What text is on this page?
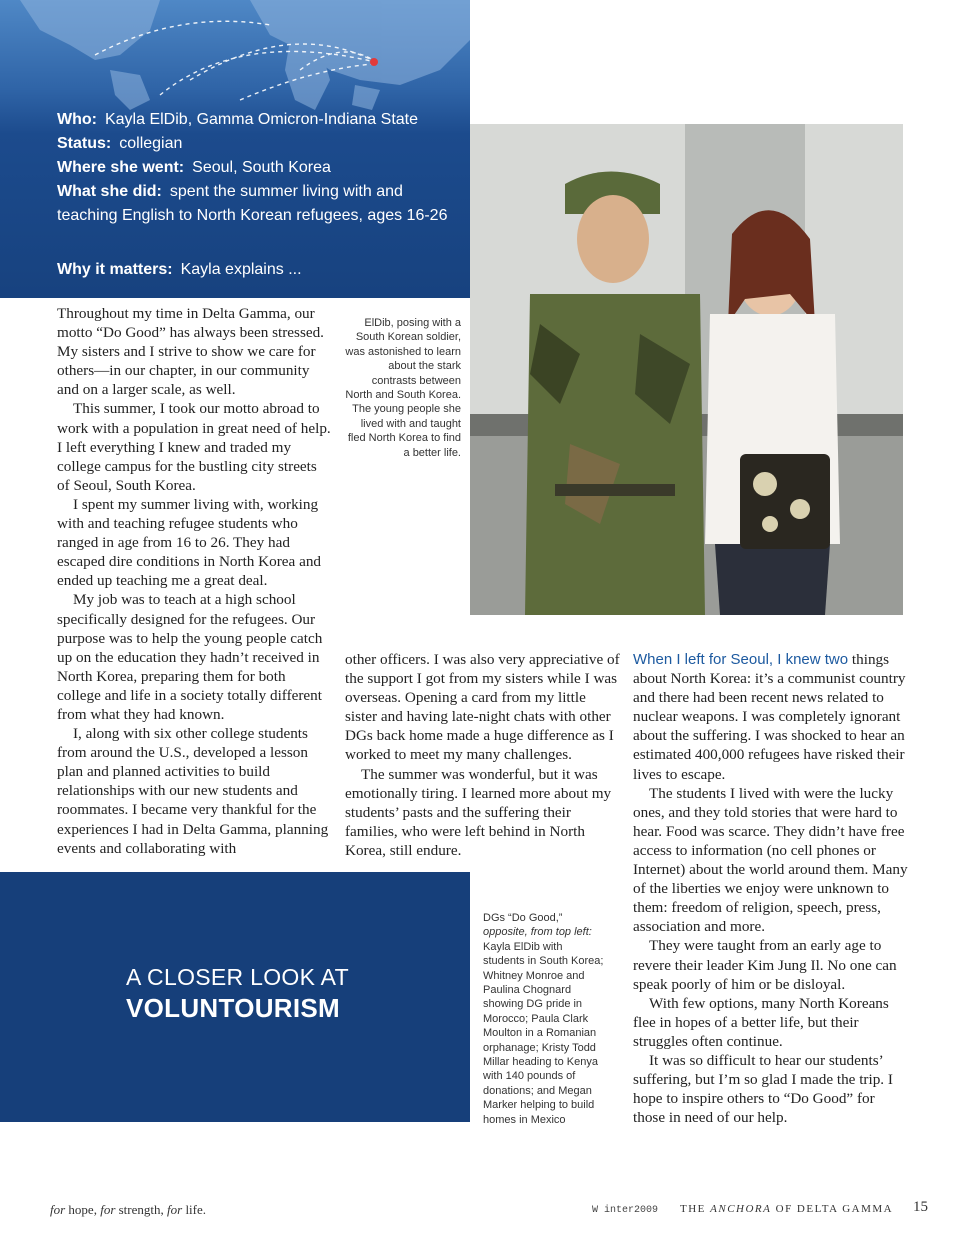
Who: Kayla ElDib, Gamma Omicron-Indiana State
Status: collegian
Where she went: Seoul, South Korea
What she did: spent the summer living with and teaching English to North Korean refugees, ages 16-26
Why it matters: Kayla explains ...
ElDib, posing with a South Korean soldier, was astonished to learn about the stark contrasts between North and South Korea. The young people she lived with and taught fled North Korea to find a better life.

Throughout my time in Delta Gamma, our motto “Do Good” has always been stressed. My sisters and I strive to show we care for others—in our chapter, in our community and on a larger scale, as well.

This summer, I took our motto abroad to work with a population in great need of help. I left everything I knew and traded my college campus for the bustling city streets of Seoul, South Korea.

I spent my summer living with, working with and teaching refugee students who ranged in age from 16 to 26. They had escaped dire conditions in North Korea and ended up teaching me a great deal.

My job was to teach at a high school specifically designed for the refugees. Our purpose was to help the young people catch up on the education they hadn’t received in North Korea, preparing them for both college and life in a society totally different from what they had known.

I, along with six other college students from around the U.S., developed a lesson plan and planned activities to build relationships with our new students and roommates. I became very thankful for the experiences I had in Delta Gamma, planning events and collaborating with

other officers. I was also very appreciative of the support I got from my sisters while I was overseas. Opening a card from my little sister and having late-night chats with other DGs back home made a huge difference as I worked to meet my many challenges.

The summer was wonderful, but it was emotionally tiring. I learned more about my students’ pasts and the suffering their families, who were left behind in North Korea, still endure.

When I left for Seoul, I knew two things about North Korea: it’s a communist country and there had been recent news related to nuclear weapons. I was completely ignorant about the suffering. I was shocked to hear an estimated 400,000 refugees have risked their lives to escape.

The students I lived with were the lucky ones, and they told stories that were hard to hear. Food was scarce. They didn’t have free access to information (no cell phones or Internet) about the world around them. Many of the liberties we enjoy were unknown to them: freedom of religion, speech, press, association and more.

They were taught from an early age to revere their leader Kim Jung Il. No one can speak poorly of him or be disloyal.

With few options, many North Koreans flee in hopes of a better life, but their struggles often continue.

It was so difficult to hear our students’ suffering, but I’m so glad I made the trip. I hope to inspire others to “Do Good” for those in need of our help.

A CLOSER LOOK AT
VOLUNTOURISM
DGs “Do Good,” opposite, from top left: Kayla ElDib with students in South Korea; Whitney Monroe and Paulina Chognard showing DG pride in Morocco; Paula Clark Moulton in a Romanian orphanage; Kristy Todd Millar heading to Kenya with 140 pounds of donations; and Megan Marker helping to build homes in Mexico
for hope, for strength, for life.	W inter2009 THE ANCHORA OF DELTA GAMMA 15
